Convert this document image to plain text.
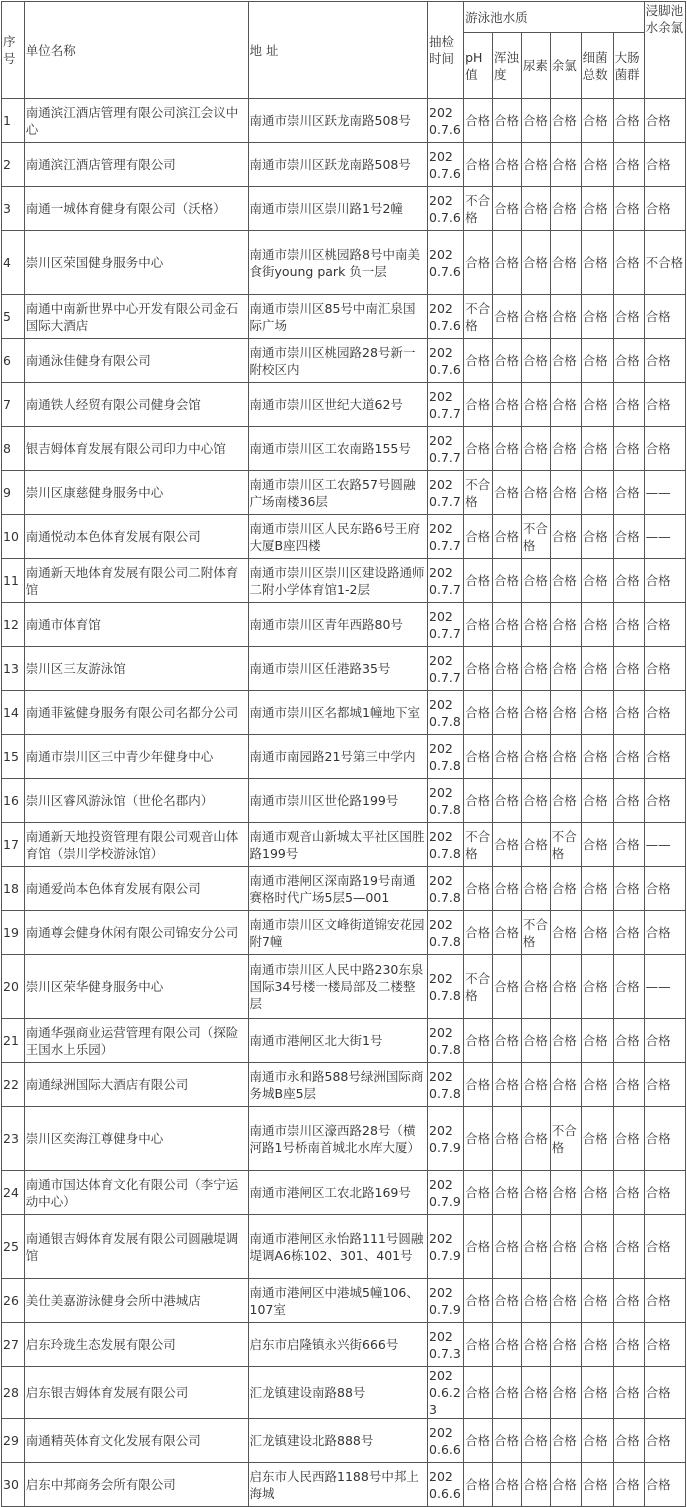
序号	单位名称	地 址	抽检时间	游泳池水质						浸脚池水余氯
				pH值	浑浊度	尿素	余氯	细菌总数	大肠菌群	
1	南通滨江酒店管理有限公司滨江会议中心	南通市崇川区跃龙南路508号	2020.7.6	合格	合格	合格	合格	合格	合格	合格
2	南通滨江酒店管理有限公司	南通市崇川区跃龙南路508号	2020.7.6	合格	合格	合格	合格	合格	合格	合格
3	南通一城体育健身有限公司（沃格）	南通市崇川区崇川路1号2幢	2020.7.6	不合格	合格	合格	合格	合格	合格	合格
4	崇川区荣国健身服务中心	南通市崇川区桃园路8号中南美食街young park 负一层	2020.7.6	合格	合格	合格	合格	合格	合格	不合格
5	南通中南新世界中心开发有限公司金石国际大酒店	南通市崇川区85号中南汇泉国际广场	2020.7.6	不合格	合格	合格	合格	合格	合格	合格
6	南通泳佳健身有限公司	南通市崇川区桃园路28号新一附校区内	2020.7.6	合格	合格	合格	合格	合格	合格	合格
7	南通铁人经贸有限公司健身会馆	南通市崇川区世纪大道62号	2020.7.7	合格	合格	合格	合格	合格	合格	合格
8	银吉姆体育发展有限公司印力中心馆	南通市崇川区工农南路155号	2020.7.7	合格	合格	合格	合格	合格	合格	合格
9	崇川区康慈健身服务中心	南通市崇川区工农路57号圆融广场南楼36层	2020.7.7	不合格	合格	合格	合格	合格	合格	——
10	南通悦动本色体育发展有限公司	南通市崇川区人民东路6号王府大厦B座四楼	2020.7.7	合格	合格	不合格	合格	合格	合格	——
11	南通新天地体育发展有限公司二附体育馆	南通市崇川区崇川区建设路通师二附小学体育馆1-2层	2020.7.7	合格	合格	合格	合格	合格	合格	合格
12	南通市体育馆	南通市崇川区青年西路80号	2020.7.7	合格	合格	合格	合格	合格	合格	合格
13	崇川区三友游泳馆	南通市崇川区任港路35号	2020.7.7	合格	合格	合格	合格	合格	合格	合格
14	南通菲鲨健身服务有限公司名都分公司	南通市崇川区名都城1幢地下室	2020.7.8	合格	合格	合格	合格	合格	合格	合格
15	南通市崇川区三中青少年健身中心	南通市南园路21号第三中学内	2020.7.8	合格	合格	合格	合格	合格	合格	合格
16	崇川区睿风游泳馆（世伦名郡内）	南通市崇川区世伦路199号	2020.7.8	合格	合格	合格	合格	合格	合格	合格
17	南通新天地投资管理有限公司观音山体育馆（崇川学校游泳馆）	南通市观音山新城太平社区国胜路199号	2020.7.8	不合格	合格	合格	不合格	合格	合格	——
18	南通爱尚本色体育发展有限公司	南通市港闸区深南路19号南通赛格时代广场5层5—001	2020.7.8	合格	合格	合格	合格	合格	合格	合格
19	南通尊会健身休闲有限公司锦安分公司	南通市崇川区文峰街道锦安花园附7幢	2020.7.8	合格	合格	不合格	合格	合格	合格	合格
20	崇川区荣华健身服务中心	南通市崇川区人民中路230东泉国际34号楼一楼局部及二楼整层	2020.7.8	不合格	合格	合格	合格	合格	合格	——
21	南通华强商业运营管理有限公司（探险王国水上乐园）	南通市港闸区北大街1号	2020.7.8	合格	合格	合格	合格	合格	合格	合格
22	南通绿洲国际大酒店有限公司	南通市永和路588号绿洲国际商务城B座5层	2020.7.8	合格	合格	合格	合格	合格	合格	合格
23	崇川区奕海江尊健身中心	南通市崇川区濠西路28号（横河路1号桥南首城北水库大厦）	2020.7.9	合格	合格	合格	不合格	合格	合格	合格
24	南通市国达体育文化有限公司（李宁运动中心）	南通市港闸区工农北路169号	2020.7.9	合格	合格	合格	合格	合格	合格	合格
25	南通银吉姆体育发展有限公司圆融堤调馆	南通市港闸区永怡路111号圆融堤调A6栋102、301、401号	2020.7.9	合格	合格	合格	合格	合格	合格	合格
26	美仕美嘉游泳健身会所中港城店	南通市港闸区中港城5幢106、107室	2020.7.9	合格	合格	合格	合格	合格	合格	合格
27	启东玲珑生态发展有限公司	启东市启隆镇永兴街666号	2020.7.3	合格	合格	合格	合格	合格	合格	合格
28	启东银吉姆体育发展有限公司	汇龙镇建设南路88号	2020.6.23	合格	合格	合格	合格	合格	合格	合格
29	南通精英体育文化发展有限公司	汇龙镇建设北路888号	2020.6.6	合格	合格	合格	合格	合格	合格	合格
30	启东中邦商务会所有限公司	启东市人民西路1188号中邦上海城	2020.6.6	合格	合格	合格	合格	合格	合格	合格
